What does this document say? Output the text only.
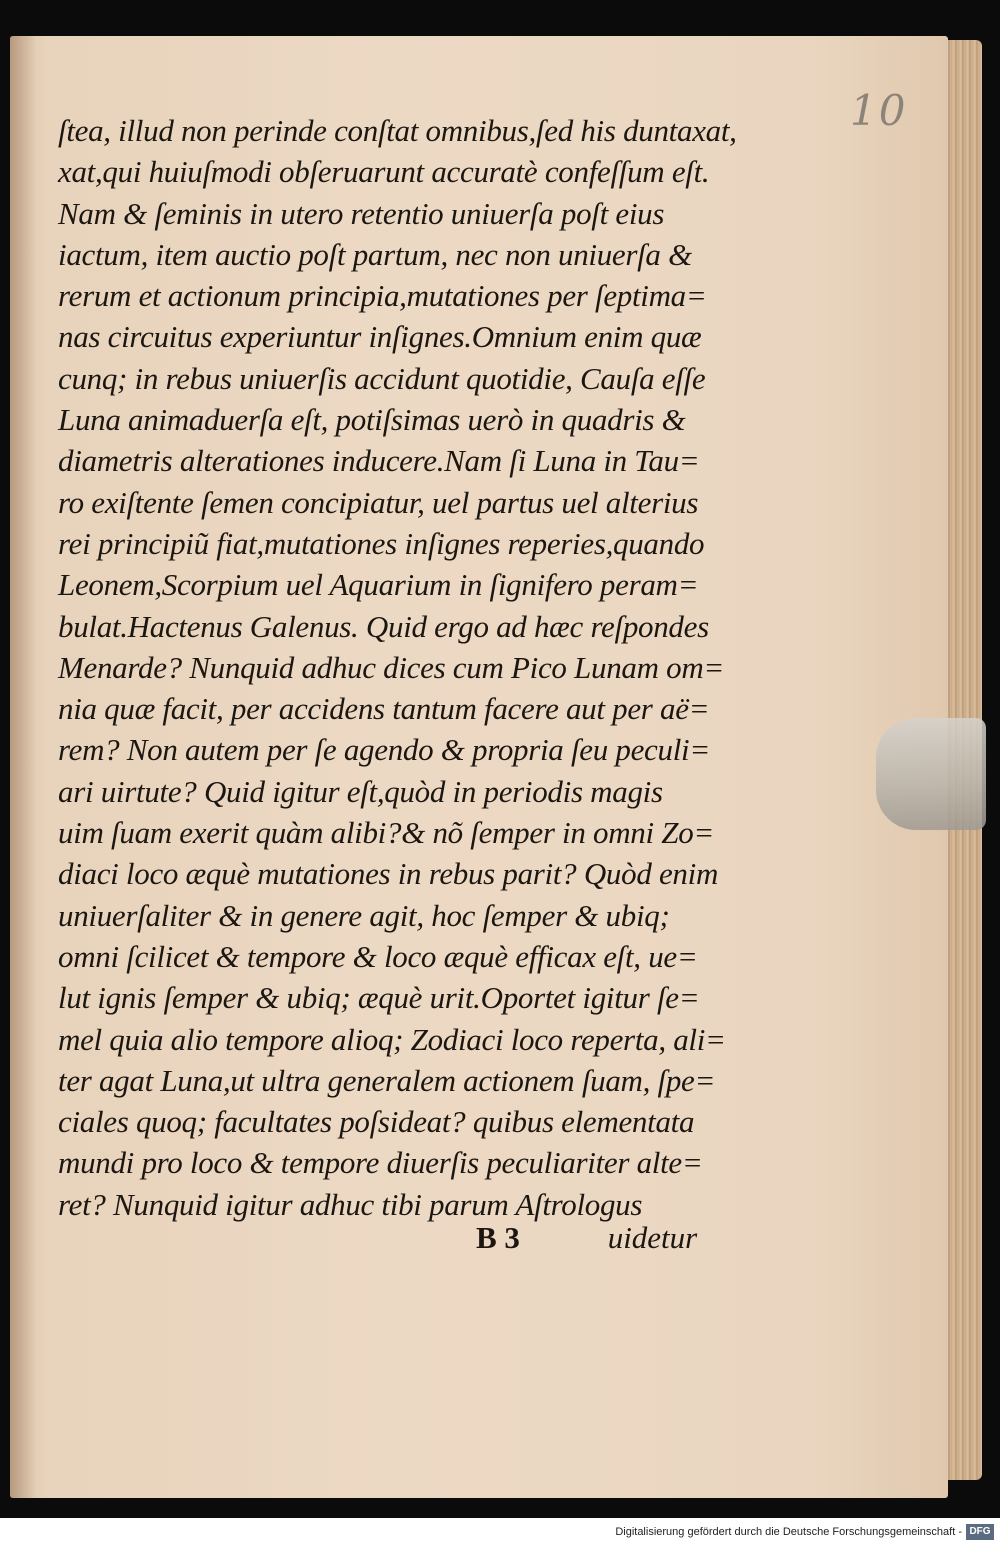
10
ſtea, illud non perinde conſtat omnibus,ſed his duntaxat,
xat,qui huiuſmodi obſeruarunt accuratè confeſſum eſt.
Nam & ſeminis in utero retentio uniuerſa poſt eius
iactum, item auctio poſt partum, nec non uniuerſa &
rerum et actionum principia,mutationes per ſeptima=
nas circuitus experiuntur inſignes.Omnium enim quæ
cunq; in rebus uniuerſis accidunt quotidie, Cauſa eſſe
Luna animaduerſa eſt, potiſsimas uerò in quadris &
diametris alterationes inducere.Nam ſi Luna in Tau=
ro exiſtente ſemen concipiatur, uel partus uel alterius
rei principiũ fiat,mutationes inſignes reperies,quando
Leonem,Scorpium uel Aquarium in ſignifero peram=
bulat.Hactenus Galenus. Quid ergo ad hæc reſpondes
Menarde? Nunquid adhuc dices cum Pico Lunam om=
nia quæ facit, per accidens tantum facere aut per aë=
rem? Non autem per ſe agendo & propria ſeu peculi=
ari uirtute? Quid igitur eſt,quòd in periodis magis
uim ſuam exerit quàm alibi?& nõ ſemper in omni Zo=
diaci loco æquè mutationes in rebus parit? Quòd enim
uniuerſaliter & in genere agit, hoc ſemper & ubiq;
omni ſcilicet & tempore & loco æquè efficax eſt, ue=
lut ignis ſemper & ubiq; æquè urit.Oportet igitur ſe=
mel quia alio tempore alioq; Zodiaci loco reperta, ali=
ter agat Luna,ut ultra generalem actionem ſuam, ſpe=
ciales quoq; facultates poſsideat? quibus elementata
mundi pro loco & tempore diuerſis peculiariter alte=
ret? Nunquid igitur adhuc tibi parum Aſtrologus
B 3	uidetur
Digitalisierung gefördert durch die Deutsche Forschungsgemeinschaft - DFG
